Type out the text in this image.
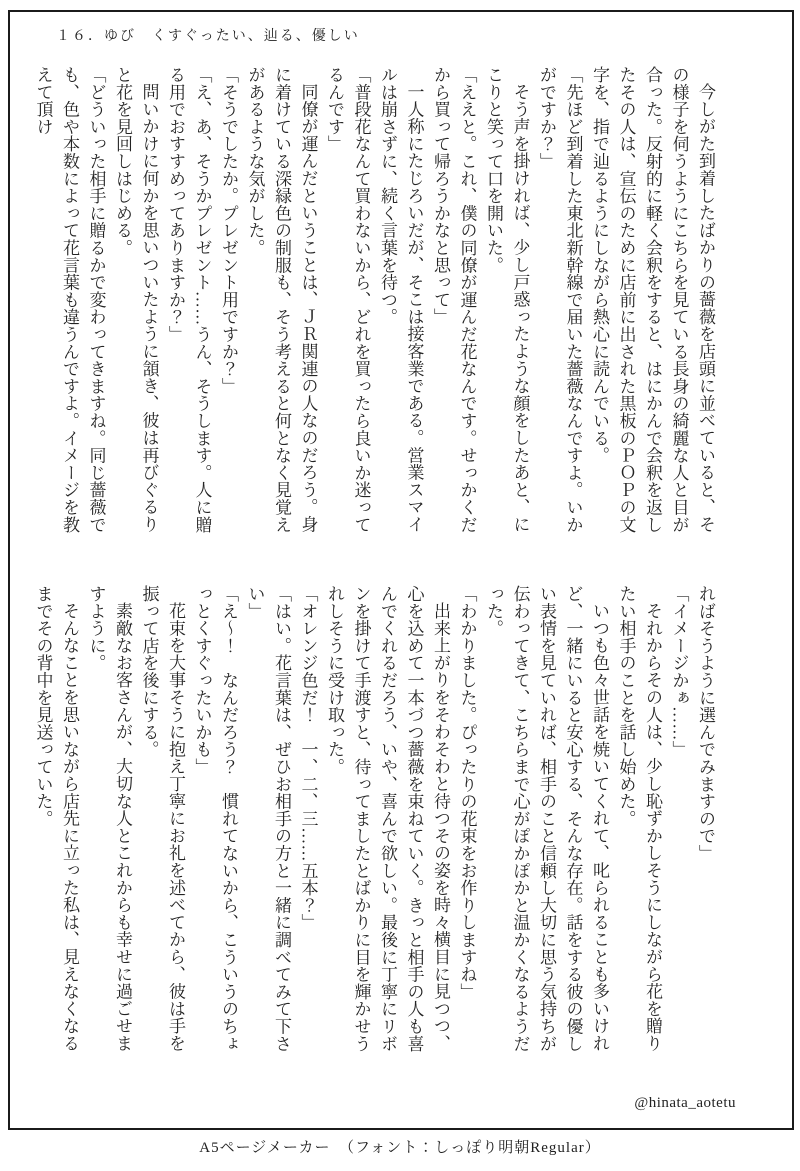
１６．ゆび　くすぐったい、辿る、優しい

今しがた到着したばかりの薔薇を店頭に並べていると、その様子を伺うようにこちらを見ている長身の綺麗な人と目が合った。反射的に軽く会釈をすると、はにかんで会釈を返したその人は、宣伝のために店前に出された黒板のＰＯＰの文字を、指で辿るようにしながら熱心に読んでいる。

「先ほど到着した東北新幹線で届いた薔薇なんですよ。いかがですか？」

そう声を掛ければ、少し戸惑ったような顔をしたあと、にこりと笑って口を開いた。

「ええと。これ、僕の同僚が運んだ花なんです。せっかくだから買って帰ろうかなと思って」

一人称にたじろいだが、そこは接客業である。営業スマイルは崩さずに、続く言葉を待つ。

「普段花なんて買わないから、どれを買ったら良いか迷ってるんです」

同僚が運んだということは、ＪＲ関連の人なのだろう。身に着けている深緑色の制服も、そう考えると何となく見覚えがあるような気がした。

「そうでしたか。プレゼント用ですか？」

「え、あ、そうかプレゼント……うん、そうします。人に贈る用でおすすめってありますか？」

問いかけに何かを思いついたように頷き、彼は再びぐるりと花を見回しはじめる。

「どういった相手に贈るかで変わってきますね。同じ薔薇でも、色や本数によって花言葉も違うんですよ。イメージを教えて頂け

ればそうように選んでみますので」

「イメージかぁ……」

それからその人は、少し恥ずかしそうにしながら花を贈りたい相手のことを話し始めた。

いつも色々世話を焼いてくれて、叱られることも多いけれど、一緒にいると安心する、そんな存在。話をする彼の優しい表情を見ていれば、相手のこと信頼し大切に思う気持ちが伝わってきて、こちらまで心がぽかぽかと温かくなるようだった。

「わかりました。ぴったりの花束をお作りしますね」

出来上がりをそわそわと待つその姿を時々横目に見つつ、心を込めて一本づつ薔薇を束ねていく。きっと相手の人も喜んでくれるだろう、いや、喜んで欲しい。最後に丁寧にリボンを掛けて手渡すと、待ってましたとばかりに目を輝かせうれしそうに受け取った。

「オレンジ色だ！　一、二、三……五本？」

「はい。花言葉は、ぜひお相手の方と一緒に調べてみて下さい」

「え～！　なんだろう？　慣れてないから、こういうのちょっとくすぐったいかも」

花束を大事そうに抱え丁寧にお礼を述べてから、彼は手を振って店を後にする。

素敵なお客さんが、大切な人とこれからも幸せに過ごせますように。

そんなことを思いながら店先に立った私は、見えなくなるまでその背中を見送っていた。

@hinata_aotetu
A5ページメーカー　（フォント：しっぽり明朝Regular）
